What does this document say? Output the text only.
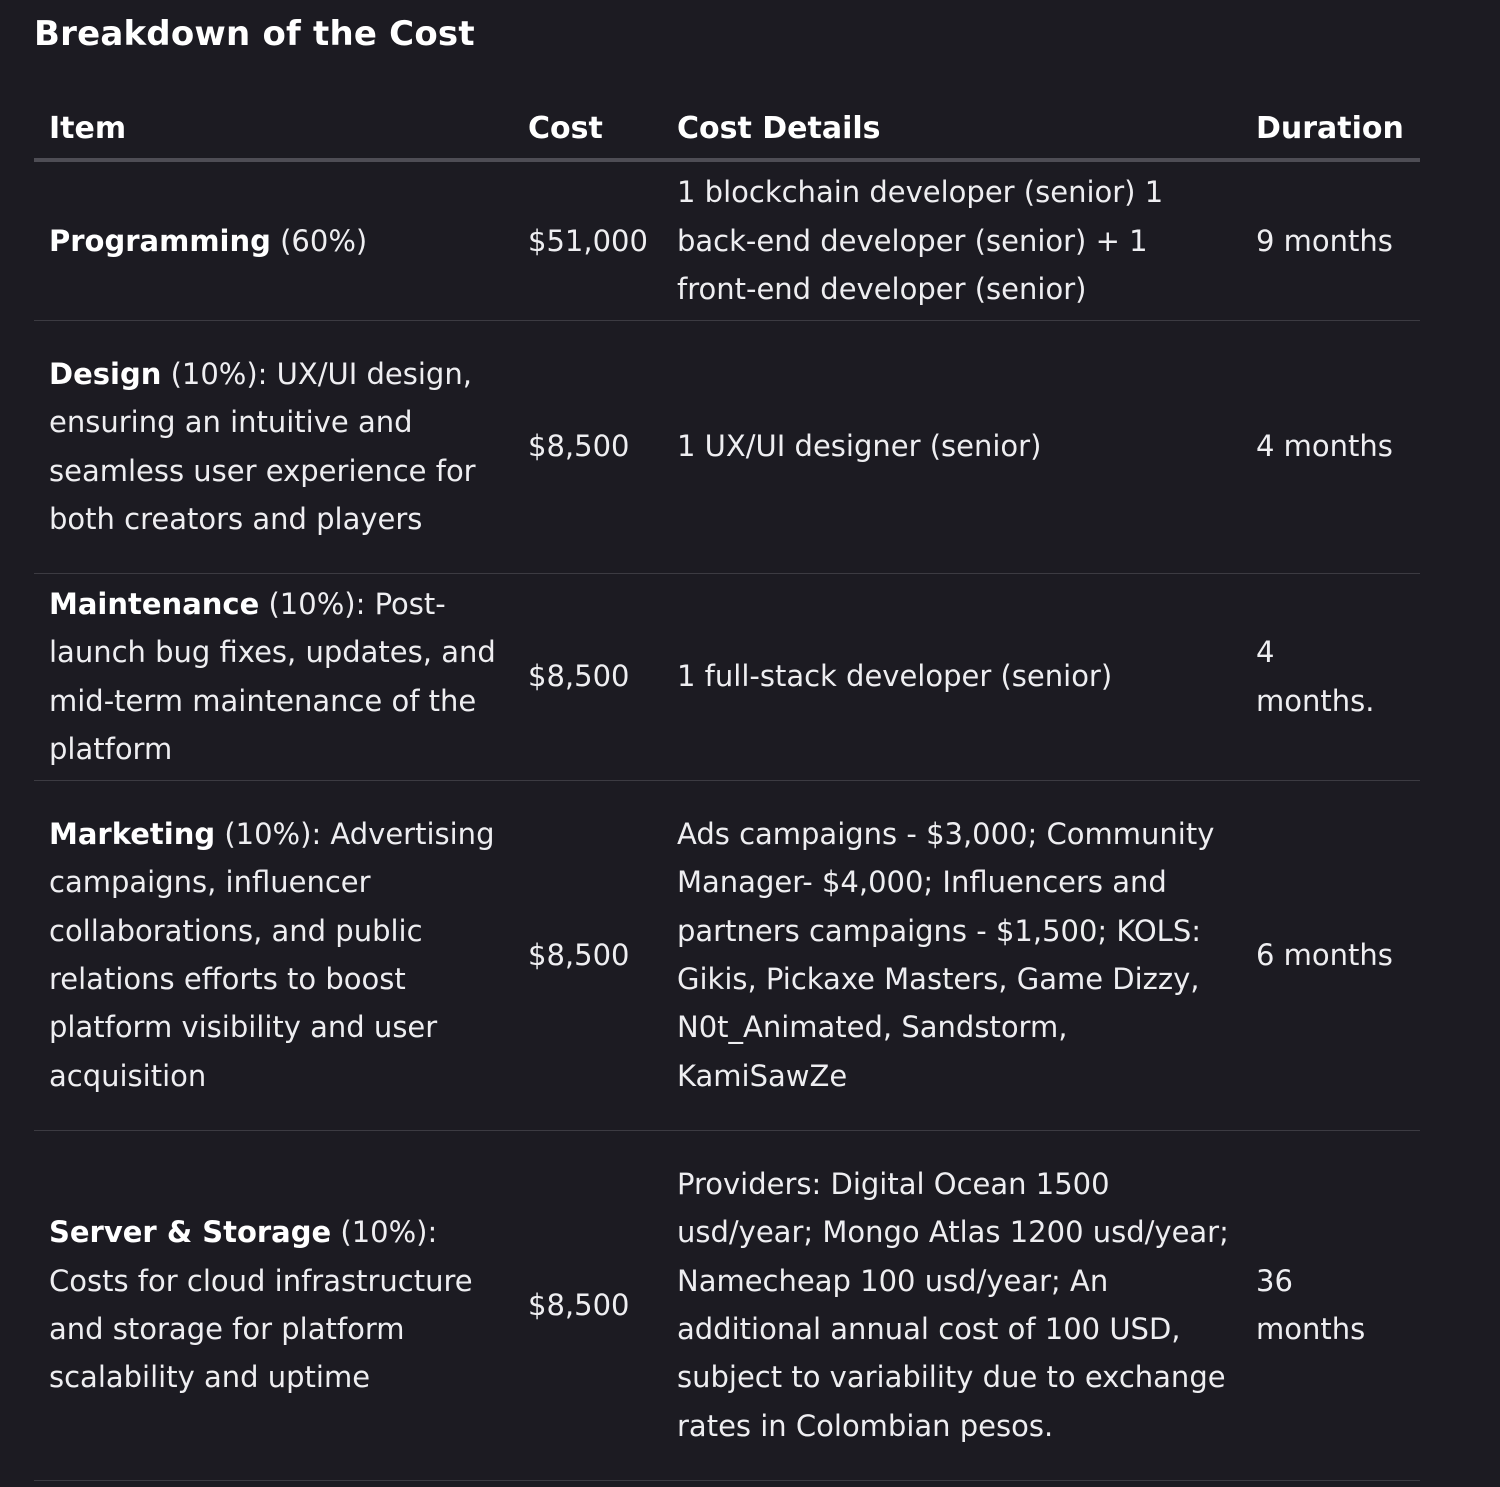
Breakdown of the Cost
Item	Cost	Cost Details	Duration
Programming (60%)	$51,000	1 blockchain developer (senior) 1 back-end developer (senior) + 1 front-end developer (senior)	9 months
Design (10%): UX/UI design, ensuring an intuitive and seamless user experience for both creators and players	$8,500	1 UX/UI designer (senior)	4 months
Maintenance (10%): Post-launch bug fixes, updates, and mid-term maintenance of the platform	$8,500	1 full-stack developer (senior)	4 months.
Marketing (10%): Advertising campaigns, influencer collaborations, and public relations efforts to boost platform visibility and user acquisition	$8,500	Ads campaigns - $3,000; Community Manager- $4,000; Influencers and partners campaigns - $1,500; KOLS: Gikis, Pickaxe Masters, Game Dizzy, N0t_Animated, Sandstorm, KamiSawZe	6 months
Server & Storage (10%): Costs for cloud infrastructure and storage for platform scalability and uptime	$8,500	Providers: Digital Ocean 1500 usd/year; Mongo Atlas 1200 usd/year; Namecheap 100 usd/year; An additional annual cost of 100 USD, subject to variability due to exchange rates in Colombian pesos.	36 months
